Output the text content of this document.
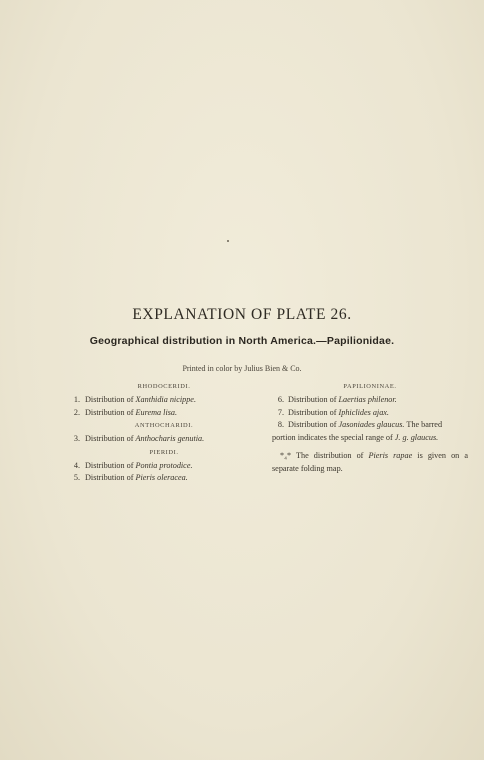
EXPLANATION OF PLATE 26.
Geographical distribution in North America.—Papilionidae.
Printed in color by Julius Bien & Co.
RHODOCERIDI.
1. Distribution of Xanthidia nicippe.
2. Distribution of Eurema lisa.
ANTHOCHARIDI.
3. Distribution of Anthocharis genutia.
PIERIDI.
4. Distribution of Pontia protodice.
5. Distribution of Pieris oleracea.
PAPILIONINAE.
6. Distribution of Laertias philenor.
7. Distribution of Iphiclides ajax.
8. Distribution of Jasoniades glaucus. The barred
portion indicates the special range of J. g. glaucus.
*₄* The distribution of Pieris rapae is given on a separate folding map.
